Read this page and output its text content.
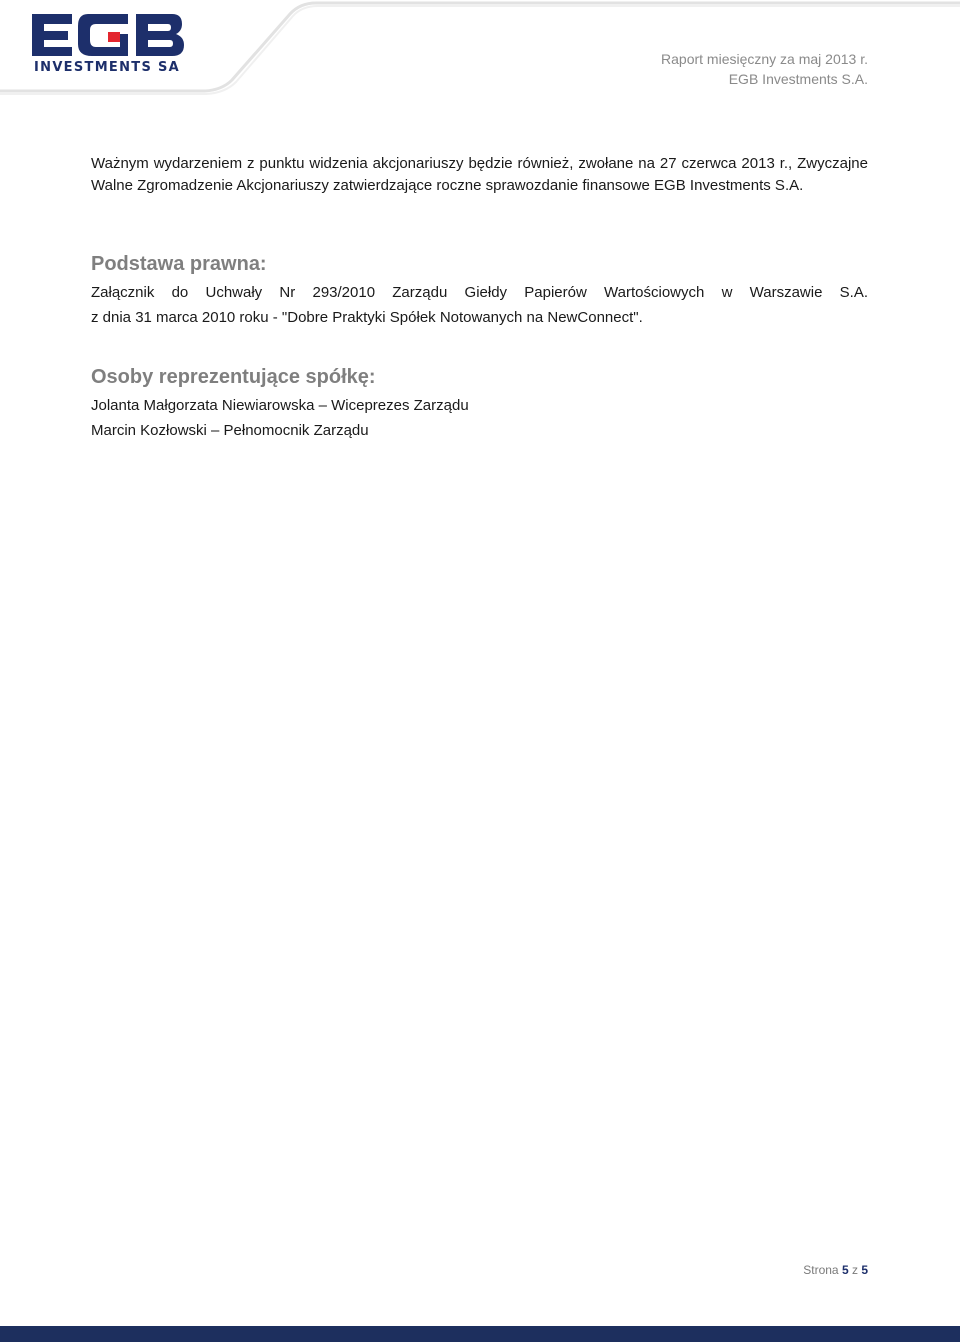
INVESTMENTS SA
Raport miesięczny za maj 2013 r.
EGB Investments S.A.

Ważnym wydarzeniem z punktu widzenia akcjonariuszy będzie również, zwołane na 27 czerwca 2013 r., Zwyczajne Walne Zgromadzenie Akcjonariuszy zatwierdzające roczne sprawozdanie finansowe EGB Investments S.A.

Podstawa prawna:

Załącznik do Uchwały Nr 293/2010 Zarządu Giełdy Papierów Wartościowych w Warszawie S.A.

z dnia 31 marca 2010 roku - "Dobre Praktyki Spółek Notowanych na NewConnect".

Osoby reprezentujące spółkę:

Jolanta Małgorzata Niewiarowska – Wiceprezes Zarządu

Marcin Kozłowski – Pełnomocnik Zarządu

Strona 5 z 5
